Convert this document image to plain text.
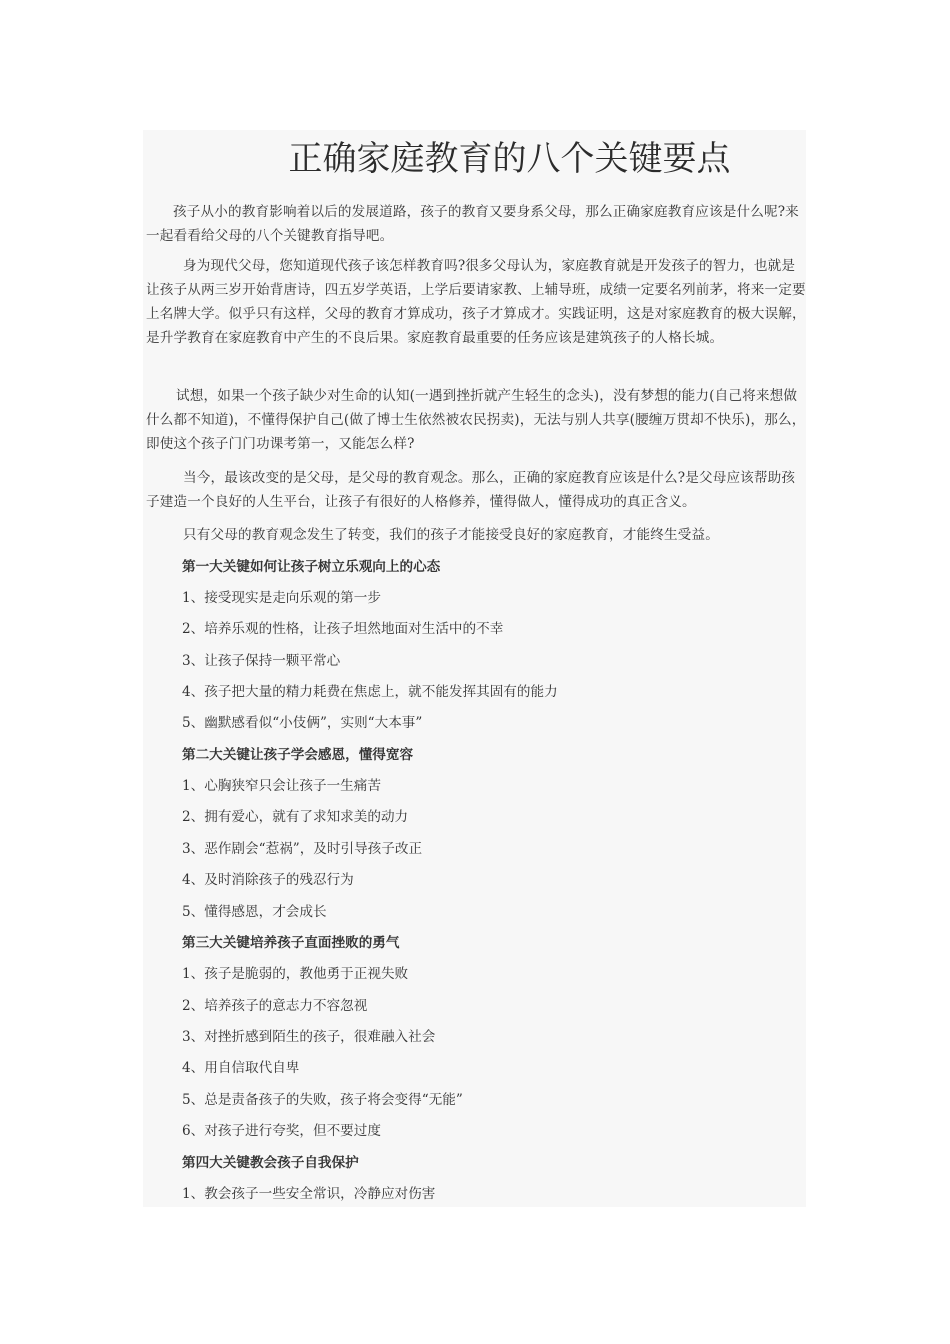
正确家庭教育的八个关键要点

孩子从小的教育影响着以后的发展道路，孩子的教育又要身系父母，那么正确家庭教育应该是什么呢?来一起看看给父母的八个关键教育指导吧。

身为现代父母，您知道现代孩子该怎样教育吗?很多父母认为，家庭教育就是开发孩子的智力，也就是让孩子从两三岁开始背唐诗，四五岁学英语，上学后要请家教、上辅导班，成绩一定要名列前茅，将来一定要上名牌大学。似乎只有这样，父母的教育才算成功，孩子才算成才。实践证明，这是对家庭教育的极大误解，是升学教育在家庭教育中产生的不良后果。家庭教育最重要的任务应该是建筑孩子的人格长城。

试想，如果一个孩子缺少对生命的认知(一遇到挫折就产生轻生的念头)，没有梦想的能力(自己将来想做什么都不知道)，不懂得保护自己(做了博士生依然被农民拐卖)，无法与别人共享(腰缠万贯却不快乐)，那么，即使这个孩子门门功课考第一，又能怎么样?

当今，最该改变的是父母，是父母的教育观念。那么，正确的家庭教育应该是什么?是父母应该帮助孩子建造一个良好的人生平台，让孩子有很好的人格修养，懂得做人，懂得成功的真正含义。

只有父母的教育观念发生了转变，我们的孩子才能接受良好的家庭教育，才能终生受益。

第一大关键如何让孩子树立乐观向上的心态

1、接受现实是走向乐观的第一步

2、培养乐观的性格，让孩子坦然地面对生活中的不幸

3、让孩子保持一颗平常心

4、孩子把大量的精力耗费在焦虑上，就不能发挥其固有的能力

5、幽默感看似“小伎俩”，实则“大本事”

第二大关键让孩子学会感恩，懂得宽容

1、心胸狭窄只会让孩子一生痛苦

2、拥有爱心，就有了求知求美的动力

3、恶作剧会“惹祸”，及时引导孩子改正

4、及时消除孩子的残忍行为

5、懂得感恩，才会成长

第三大关键培养孩子直面挫败的勇气

1、孩子是脆弱的，教他勇于正视失败

2、培养孩子的意志力不容忽视

3、对挫折感到陌生的孩子，很难融入社会

4、用自信取代自卑

5、总是责备孩子的失败，孩子将会变得“无能”

6、对孩子进行夸奖，但不要过度

第四大关键教会孩子自我保护

1、教会孩子一些安全常识，冷静应对伤害
